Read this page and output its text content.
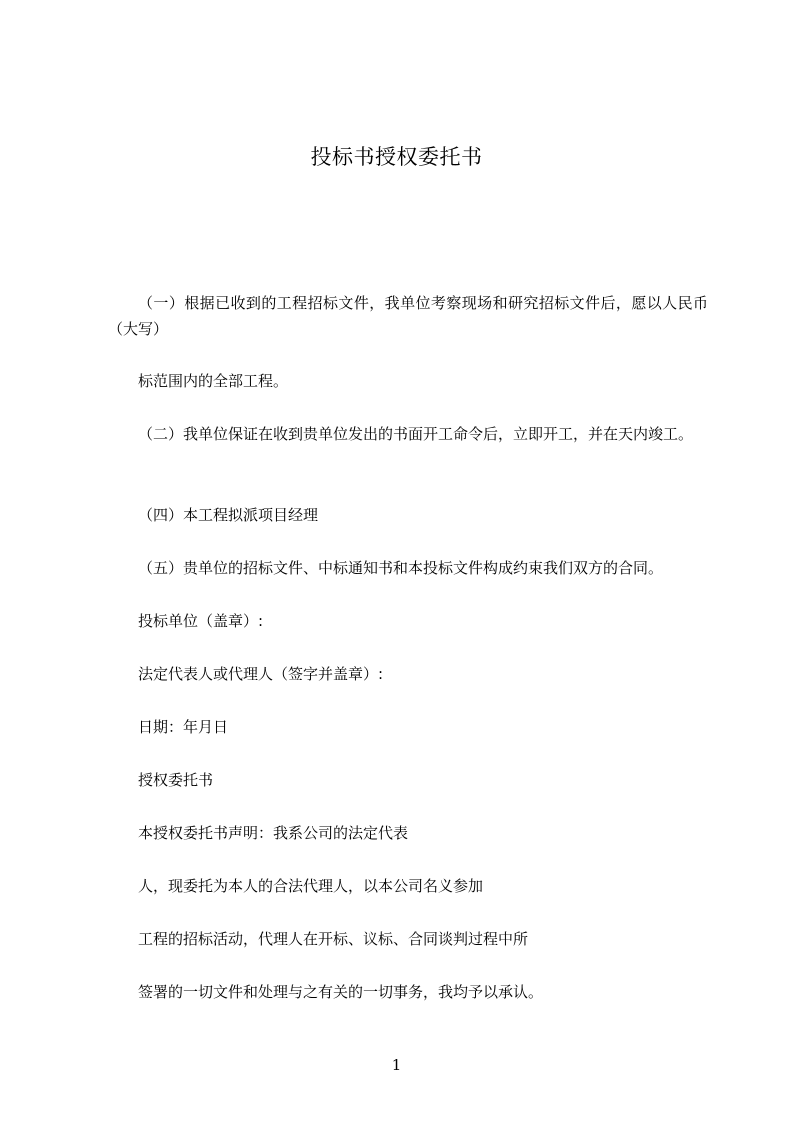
投标书授权委托书

（一）根据已收到的工程招标文件，我单位考察现场和研究招标文件后，愿以人民币（大写）

标范围内的全部工程。

（二）我单位保证在收到贵单位发出的书面开工命令后，立即开工，并在天内竣工。

（四）本工程拟派项目经理

（五）贵单位的招标文件、中标通知书和本投标文件构成约束我们双方的合同。

投标单位（盖章）:

法定代表人或代理人（签字并盖章）:

日期：年月日

授权委托书

本授权委托书声明：我系公司的法定代表

人，现委托为本人的合法代理人，以本公司名义参加

工程的招标活动，代理人在开标、议标、合同谈判过程中所

签署的一切文件和处理与之有关的一切事务，我均予以承认。

1
